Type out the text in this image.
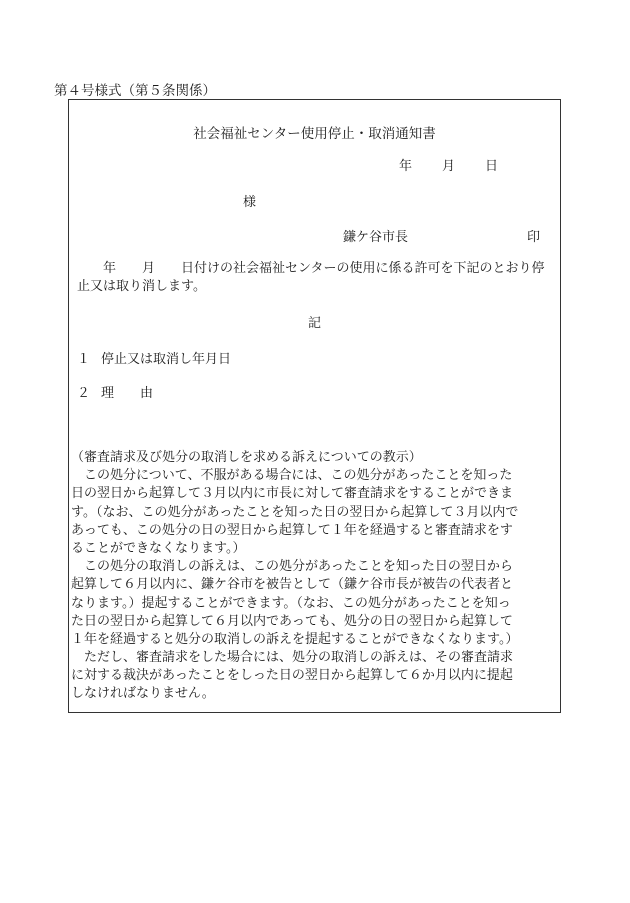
第４号様式（第５条関係）
社会福祉センター使用停止・取消通知書
年 月 日
様
鎌ケ谷市長	印
年　　月　　日付けの社会福祉センターの使用に係る許可を下記のとおり停
止又は取り消します。
記
１ 停止又は取消し年月日
２ 理　　由
（審査請求及び処分の取消しを求める訴えについての教示）
　この処分について、不服がある場合には、この処分があったことを知った
日の翌日から起算して３月以内に市長に対して審査請求をすることができま
す。（なお、この処分があったことを知った日の翌日から起算して３月以内で
あっても、この処分の日の翌日から起算して１年を経過すると審査請求をす
ることができなくなります。）
　この処分の取消しの訴えは、この処分があったことを知った日の翌日から
起算して６月以内に、鎌ケ谷市を被告として（鎌ケ谷市長が被告の代表者と
なります。）提起することができます。（なお、この処分があったことを知っ
た日の翌日から起算して６月以内であっても、処分の日の翌日から起算して
１年を経過すると処分の取消しの訴えを提起することができなくなります。）
　ただし、審査請求をした場合には、処分の取消しの訴えは、その審査請求
に対する裁決があったことをしった日の翌日から起算して６か月以内に提起
しなければなりません。
